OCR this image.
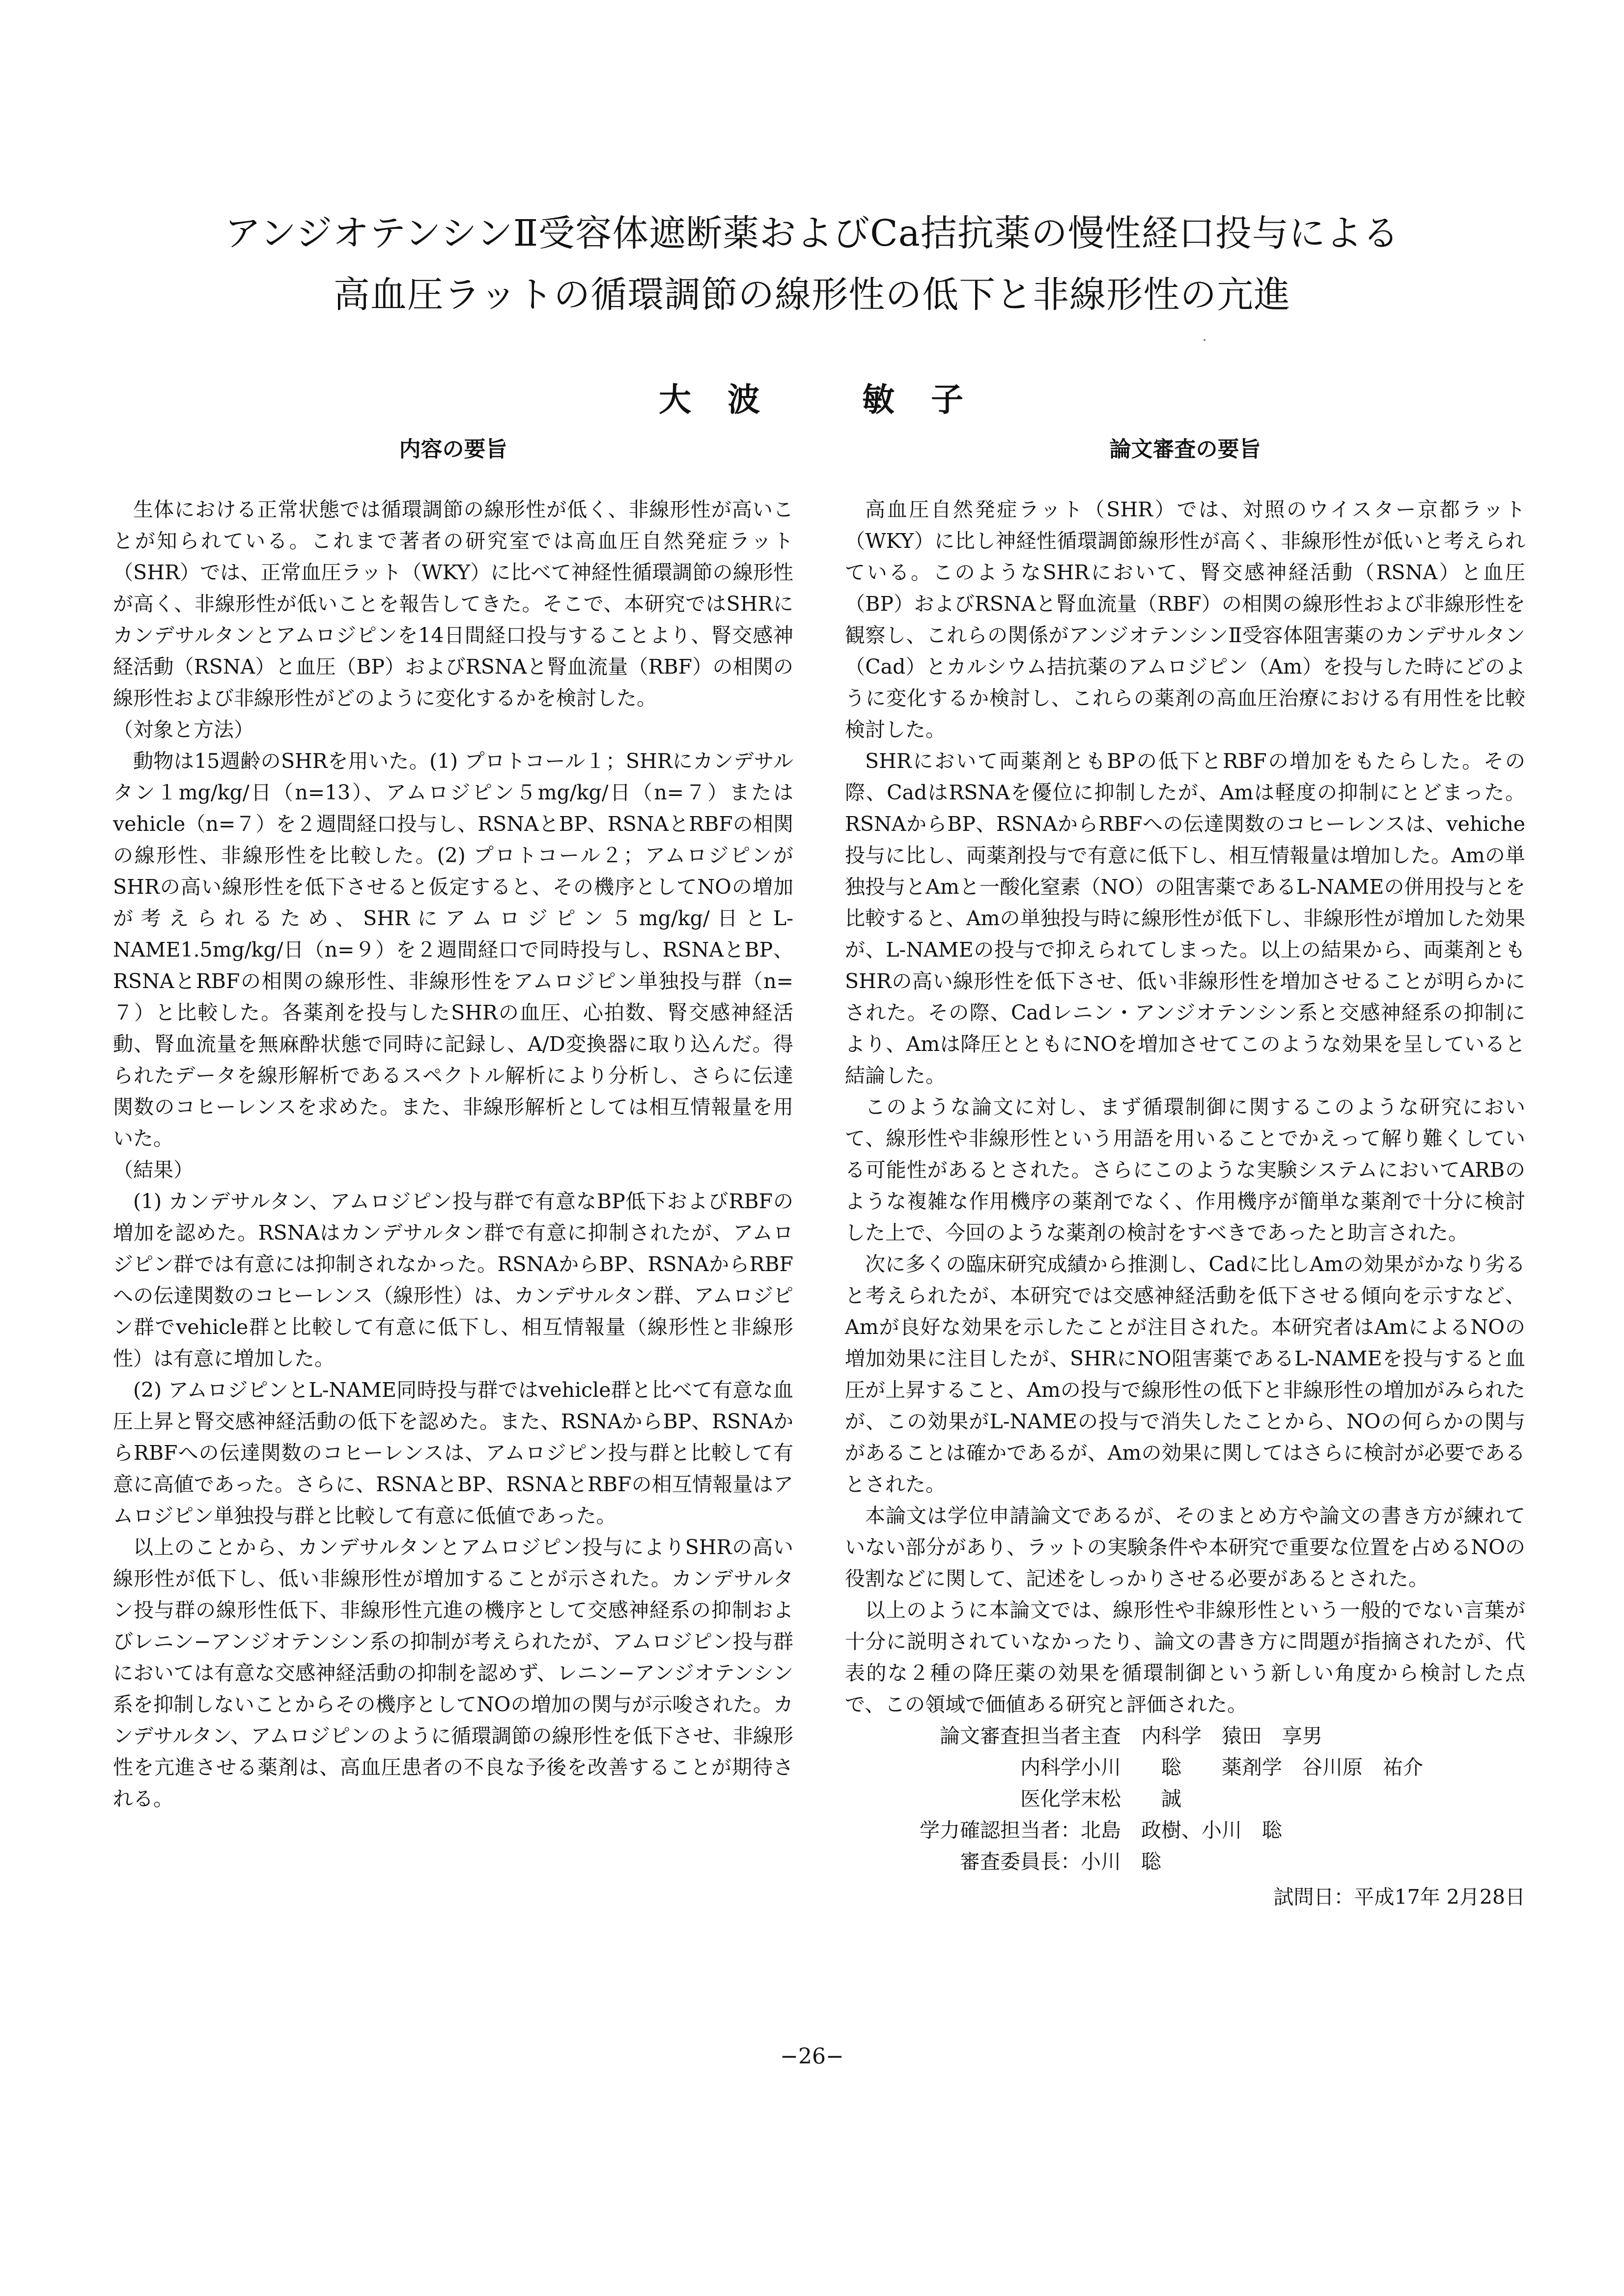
アンジオテンシンⅡ受容体遮断薬およびCa拮抗薬の慢性経口投与による
高血圧ラットの循環調節の線形性の低下と非線形性の亢進
大　波	敏　子
内容の要旨

生体における正常状態では循環調節の線形性が低く、非線形性が高いことが知られている。これまで著者の研究室では高血圧自然発症ラット（SHR）では、正常血圧ラット（WKY）に比べて神経性循環調節の線形性が高く、非線形性が低いことを報告してきた。そこで、本研究ではSHRにカンデサルタンとアムロジピンを14日間経口投与することより、腎交感神経活動（RSNA）と血圧（BP）およびRSNAと腎血流量（RBF）の相関の線形性および非線形性がどのように変化するかを検討した。

（対象と方法）

動物は15週齢のSHRを用いた。(1) プロトコール１；SHRにカンデサルタン１mg/kg/日（n=13）、アムロジピン５mg/kg/日（n=７）またはvehicle（n=７）を２週間経口投与し、RSNAとBP、RSNAとRBFの相関の線形性、非線形性を比較した。(2) プロトコール２；アムロジピンがSHRの高い線形性を低下させると仮定すると、その機序としてNOの増加が考えられるため、SHRにアムロジピン５mg/kg/日とL-NAME1.5mg/kg/日（n=９）を２週間経口で同時投与し、RSNAとBP、RSNAとRBFの相関の線形性、非線形性をアムロジピン単独投与群（n=７）と比較した。各薬剤を投与したSHRの血圧、心拍数、腎交感神経活動、腎血流量を無麻酔状態で同時に記録し、A/D変換器に取り込んだ。得られたデータを線形解析であるスペクトル解析により分析し、さらに伝達関数のコヒーレンスを求めた。また、非線形解析としては相互情報量を用いた。

（結果）

(1) カンデサルタン、アムロジピン投与群で有意なBP低下およびRBFの増加を認めた。RSNAはカンデサルタン群で有意に抑制されたが、アムロジピン群では有意には抑制されなかった。RSNAからBP、RSNAからRBFへの伝達関数のコヒーレンス（線形性）は、カンデサルタン群、アムロジピン群でvehicle群と比較して有意に低下し、相互情報量（線形性と非線形性）は有意に増加した。

(2) アムロジピンとL-NAME同時投与群ではvehicle群と比べて有意な血圧上昇と腎交感神経活動の低下を認めた。また、RSNAからBP、RSNAからRBFへの伝達関数のコヒーレンスは、アムロジピン投与群と比較して有意に高値であった。さらに、RSNAとBP、RSNAとRBFの相互情報量はアムロジピン単独投与群と比較して有意に低値であった。

以上のことから、カンデサルタンとアムロジピン投与によりSHRの高い線形性が低下し、低い非線形性が増加することが示された。カンデサルタン投与群の線形性低下、非線形性亢進の機序として交感神経系の抑制およびレニン−アンジオテンシン系の抑制が考えられたが、アムロジピン投与群においては有意な交感神経活動の抑制を認めず、レニン−アンジオテンシン系を抑制しないことからその機序としてNOの増加の関与が示唆された。カンデサルタン、アムロジピンのように循環調節の線形性を低下させ、非線形性を亢進させる薬剤は、高血圧患者の不良な予後を改善することが期待される。

論文審査の要旨

高血圧自然発症ラット（SHR）では、対照のウイスター京都ラット（WKY）に比し神経性循環調節線形性が高く、非線形性が低いと考えられている。このようなSHRにおいて、腎交感神経活動（RSNA）と血圧（BP）およびRSNAと腎血流量（RBF）の相関の線形性および非線形性を観察し、これらの関係がアンジオテンシンⅡ受容体阻害薬のカンデサルタン（Cad）とカルシウム拮抗薬のアムロジピン（Am）を投与した時にどのように変化するか検討し、これらの薬剤の高血圧治療における有用性を比較検討した。

SHRにおいて両薬剤ともBPの低下とRBFの増加をもたらした。その際、CadはRSNAを優位に抑制したが、Amは軽度の抑制にとどまった。RSNAからBP、RSNAからRBFへの伝達関数のコヒーレンスは、vehiche投与に比し、両薬剤投与で有意に低下し、相互情報量は増加した。Amの単独投与とAmと一酸化窒素（NO）の阻害薬であるL-NAMEの併用投与とを比較すると、Amの単独投与時に線形性が低下し、非線形性が増加した効果が、L-NAMEの投与で抑えられてしまった。以上の結果から、両薬剤ともSHRの高い線形性を低下させ、低い非線形性を増加させることが明らかにされた。その際、Cadレニン・アンジオテンシン系と交感神経系の抑制により、Amは降圧とともにNOを増加させてこのような効果を呈していると結論した。

このような論文に対し、まず循環制御に関するこのような研究において、線形性や非線形性という用語を用いることでかえって解り難くしている可能性があるとされた。さらにこのような実験システムにおいてARBのような複雑な作用機序の薬剤でなく、作用機序が簡単な薬剤で十分に検討した上で、今回のような薬剤の検討をすべきであったと助言された。

次に多くの臨床研究成績から推測し、Cadに比しAmの効果がかなり劣ると考えられたが、本研究では交感神経活動を低下させる傾向を示すなど、Amが良好な効果を示したことが注目された。本研究者はAmによるNOの増加効果に注目したが、SHRにNO阻害薬であるL-NAMEを投与すると血圧が上昇すること、Amの投与で線形性の低下と非線形性の増加がみられたが、この効果がL-NAMEの投与で消失したことから、NOの何らかの関与があることは確かであるが、Amの効果に関してはさらに検討が必要であるとされた。

本論文は学位申請論文であるが、そのまとめ方や論文の書き方が練れていない部分があり、ラットの実験条件や本研究で重要な位置を占めるNOの役割などに関して、記述をしっかりさせる必要があるとされた。

以上のように本論文では、線形性や非線形性という一般的でない言葉が十分に説明されていなかったり、論文の書き方に問題が指摘されたが、代表的な２種の降圧薬の効果を循環制御という新しい角度から検討した点で、この領域で価値ある研究と評価された。

論文審査担当者 主査　内科学　猿田　享男
内科学 小川　　聡　　薬剤学　谷川原　祐介
医化学 末松　　誠
学力確認担当者： 北島　政樹、小川　聡
審査委員長： 小川　聡
試問日：平成17年 2月28日
−26−
